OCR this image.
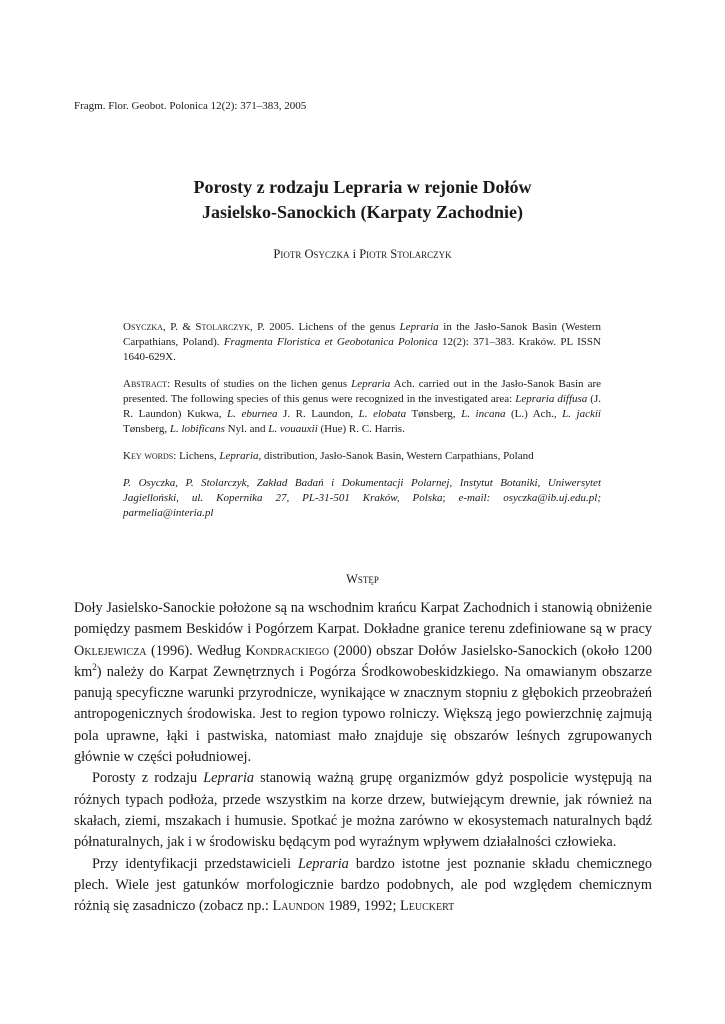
Fragm. Flor. Geobot. Polonica 12(2): 371–383, 2005
Porosty z rodzaju Lepraria w rejonie Dołów
Jasielsko-Sanockich (Karpaty Zachodnie)
Piotr Osyczka i Piotr Stolarczyk

Osyczka, P. & Stolarczyk, P. 2005. Lichens of the genus Lepraria in the Jasło-Sanok Basin (Western Carpathians, Poland). Fragmenta Floristica et Geobotanica Polonica 12(2): 371–383. Kraków. PL ISSN 1640-629X.

Abstract: Results of studies on the lichen genus Lepraria Ach. carried out in the Jasło-Sanok Basin are presented. The following species of this genus were recognized in the investigated area: Lepraria diffusa (J. R. Laundon) Kukwa, L. eburnea J. R. Laundon, L. elobata Tønsberg, L. incana (L.) Ach., L. jackii Tønsberg, L. lobificans Nyl. and L. vouauxii (Hue) R. C. Harris.

Key words: Lichens, Lepraria, distribution, Jasło-Sanok Basin, Western Carpathians, Poland

P. Osyczka, P. Stolarczyk, Zakład Badań i Dokumentacji Polarnej, Instytut Botaniki, Uniwersytet Jagielloński, ul. Kopernika 27, PL-31-501 Kraków, Polska; e-mail: osyczka@ib.uj.edu.pl; parmelia@interia.pl

Wstęp

Doły Jasielsko-Sanockie położone są na wschodnim krańcu Karpat Zachodnich i stanowią obniżenie pomiędzy pasmem Beskidów i Pogórzem Karpat. Dokładne granice terenu zdefiniowane są w pracy Oklejewicza (1996). Według Kondrackiego (2000) obszar Dołów Jasielsko-Sanockich (około 1200 $km^2$) należy do Karpat Zewnętrznych i Pogórza Środkowobeskidzkiego. Na omawianym obszarze panują specyficzne warunki przyrodnicze, wynikające w znacznym stopniu z głębokich przeobrażeń antropogenicznych środowiska. Jest to region typowo rolniczy. Większą jego powierzchnię zajmują pola uprawne, łąki i pastwiska, natomiast mało znajduje się obszarów leśnych zgrupowanych głównie w części południowej.

Porosty z rodzaju Lepraria stanowią ważną grupę organizmów gdyż pospolicie występują na różnych typach podłoża, przede wszystkim na korze drzew, butwiejącym drewnie, jak również na skałach, ziemi, mszakach i humusie. Spotkać je można zarówno w ekosystemach naturalnych bądź półnaturalnych, jak i w środowisku będącym pod wyraźnym wpływem działalności człowieka.

Przy identyfikacji przedstawicieli Lepraria bardzo istotne jest poznanie składu chemicznego plech. Wiele jest gatunków morfologicznie bardzo podobnych, ale pod względem chemicznym różnią się zasadniczo (zobacz np.: Laundon 1989, 1992; Leuckert
